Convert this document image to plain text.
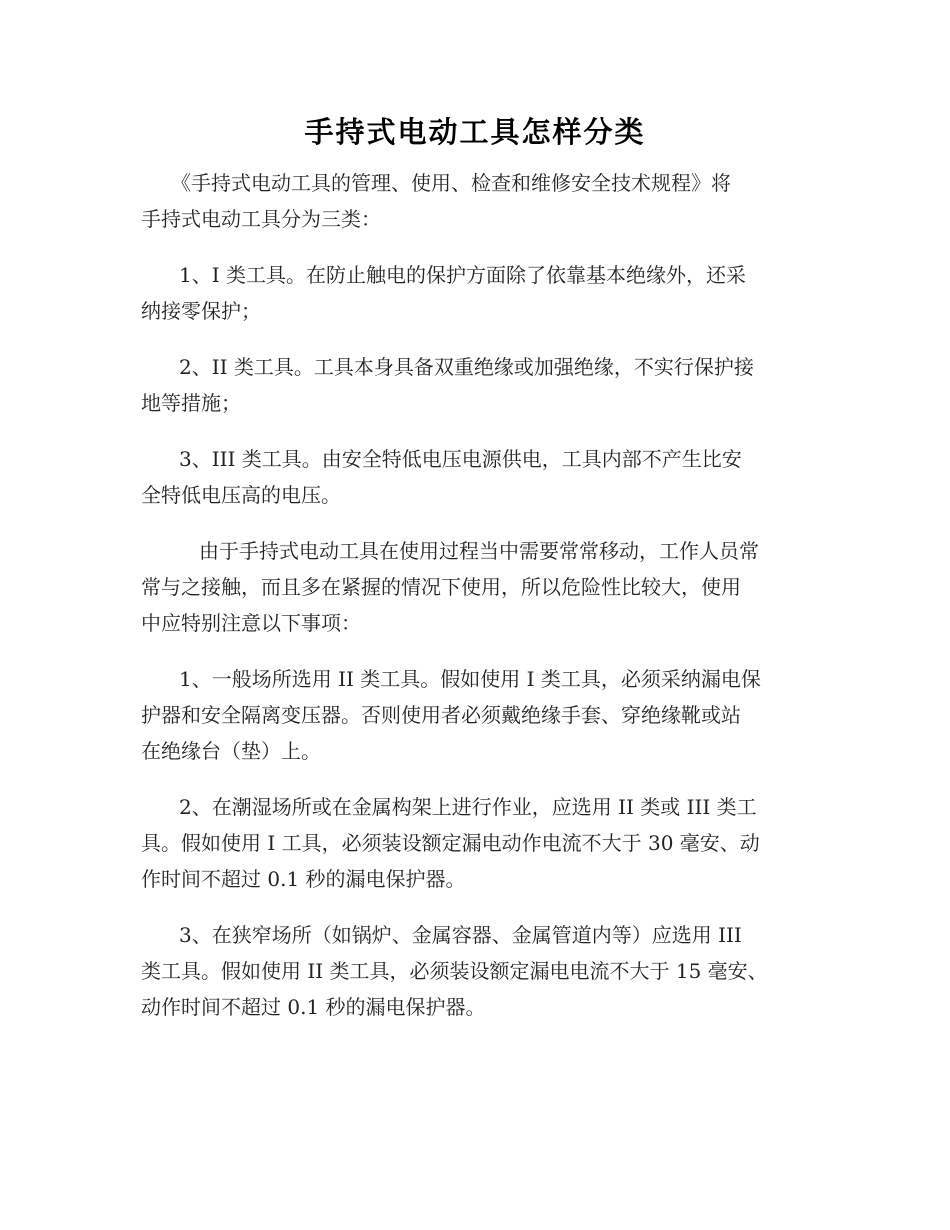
手持式电动工具怎样分类

《手持式电动工具的管理、使用、检查和维修安全技术规程》将
手持式电动工具分为三类：

1、I 类工具。在防止触电的保护方面除了依靠基本绝缘外，还采
纳接零保护；

2、II 类工具。工具本身具备双重绝缘或加强绝缘，不实行保护接
地等措施；

3、III 类工具。由安全特低电压电源供电，工具内部不产生比安
全特低电压高的电压。

由于手持式电动工具在使用过程当中需要常常移动，工作人员常
常与之接触，而且多在紧握的情况下使用，所以危险性比较大，使用
中应特别注意以下事项：

1、一般场所选用 II 类工具。假如使用 I 类工具，必须采纳漏电保
护器和安全隔离变压器。否则使用者必须戴绝缘手套、穿绝缘靴或站
在绝缘台（垫）上。

2、在潮湿场所或在金属构架上进行作业，应选用 II 类或 III 类工
具。假如使用 I 工具，必须装设额定漏电动作电流不大于 30 毫安、动
作时间不超过 0.1 秒的漏电保护器。

3、在狭窄场所（如锅炉、金属容器、金属管道内等）应选用 III
类工具。假如使用 II 类工具，必须装设额定漏电电流不大于 15 毫安、
动作时间不超过 0.1 秒的漏电保护器。
